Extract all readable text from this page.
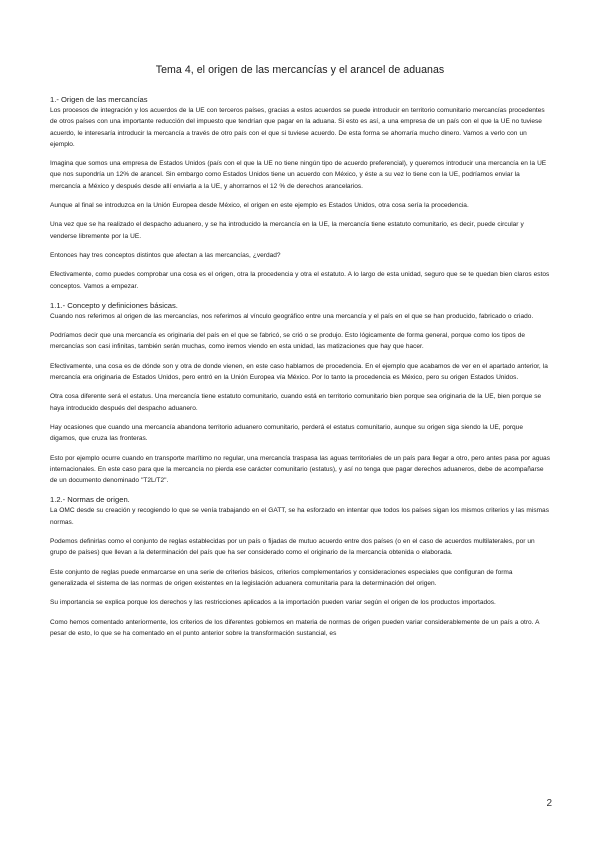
Tema 4, el origen de las mercancías y el arancel de aduanas
1.- Origen de las mercancías

Los procesos de integración y los acuerdos de la UE con terceros países, gracias a estos acuerdos se puede introducir en territorio comunitario mercancías procedentes de otros países con una importante reducción del impuesto que tendrían que pagar en la aduana. Si esto es así, a una empresa de un país con el que la UE no tuviese acuerdo, le interesaría introducir la mercancía a través de otro país con el que si tuviese acuerdo. De esta forma se ahorraría mucho dinero. Vamos a verlo con un ejemplo.

Imagina que somos una empresa de Estados Unidos (país con el que la UE no tiene ningún tipo de acuerdo preferencial), y queremos introducir una mercancía en la UE que nos supondría un 12% de arancel. Sin embargo como Estados Unidos tiene un acuerdo con México, y éste a su vez lo tiene con la UE, podríamos enviar la mercancía a México y después desde allí enviarla a la UE, y ahorrarnos el 12 % de derechos arancelarios.

Aunque al final se introduzca en la Unión Europea desde México, el origen en este ejemplo es Estados Unidos, otra cosa sería la procedencia.

Una vez que se ha realizado el despacho aduanero, y se ha introducido la mercancía en la UE, la mercancía tiene estatuto comunitario, es decir, puede circular y venderse libremente por la UE.

Entonces hay tres conceptos distintos que afectan a las mercancías, ¿verdad?

Efectivamente, como puedes comprobar una cosa es el origen, otra la procedencia y otra el estatuto. A lo largo de esta unidad, seguro que se te quedan bien claros estos conceptos. Vamos a empezar.

1.1.- Concepto y definiciones básicas.

Cuando nos referimos al origen de las mercancías, nos referimos al vínculo geográfico entre una mercancía y el país en el que se han producido, fabricado o criado.

Podríamos decir que una mercancía es originaria del país en el que se fabricó, se crió o se produjo. Esto lógicamente de forma general, porque como los tipos de mercancías son casi infinitas, también serán muchas, como iremos viendo en esta unidad, las matizaciones que hay que hacer.

Efectivamente, una cosa es de dónde son y otra de donde vienen, en este caso hablamos de procedencia. En el ejemplo que acabamos de ver en el apartado anterior, la mercancía era originaria de Estados Unidos, pero entró en la Unión Europea vía México. Por lo tanto la procedencia es México, pero su origen Estados Unidos.

Otra cosa diferente será el estatus. Una mercancía tiene estatuto comunitario, cuando está en territorio comunitario bien porque sea originaria de la UE, bien porque se haya introducido después del despacho aduanero.

Hay ocasiones que cuando una mercancía abandona territorio aduanero comunitario, perderá el estatus comunitario, aunque su origen siga siendo la UE, porque digamos, que cruza las fronteras.

Esto por ejemplo ocurre cuando en transporte marítimo no regular, una mercancía traspasa las aguas territoriales de un país para llegar a otro, pero antes pasa por aguas internacionales. En este caso para que la mercancía no pierda ese carácter comunitario (estatus), y así no tenga que pagar derechos aduaneros, debe de acompañarse de un documento denominado "T2L/T2".

1.2.- Normas de origen.

La OMC desde su creación y recogiendo lo que se venía trabajando en el GATT, se ha esforzado en intentar que todos los países sigan los mismos criterios y las mismas normas.

Podemos definirlas como el conjunto de reglas establecidas por un país o fijadas de mutuo acuerdo entre dos países (o en el caso de acuerdos multilaterales, por un grupo de países) que llevan a la determinación del país que ha ser considerado como el originario de la mercancía obtenida o elaborada.

Este conjunto de reglas puede enmarcarse en una serie de criterios básicos, criterios complementarios y consideraciones especiales que configuran de forma generalizada el sistema de las normas de origen existentes en la legislación aduanera comunitaria para la determinación del origen.

Su importancia se explica porque los derechos y las restricciones aplicados a la importación pueden variar según el origen de los productos importados.

Como hemos comentado anteriormente, los criterios de los diferentes gobiernos en materia de normas de origen pueden variar considerablemente de un país a otro. A pesar de esto, lo que se ha comentado en el punto anterior sobre la transformación sustancial, es

2
